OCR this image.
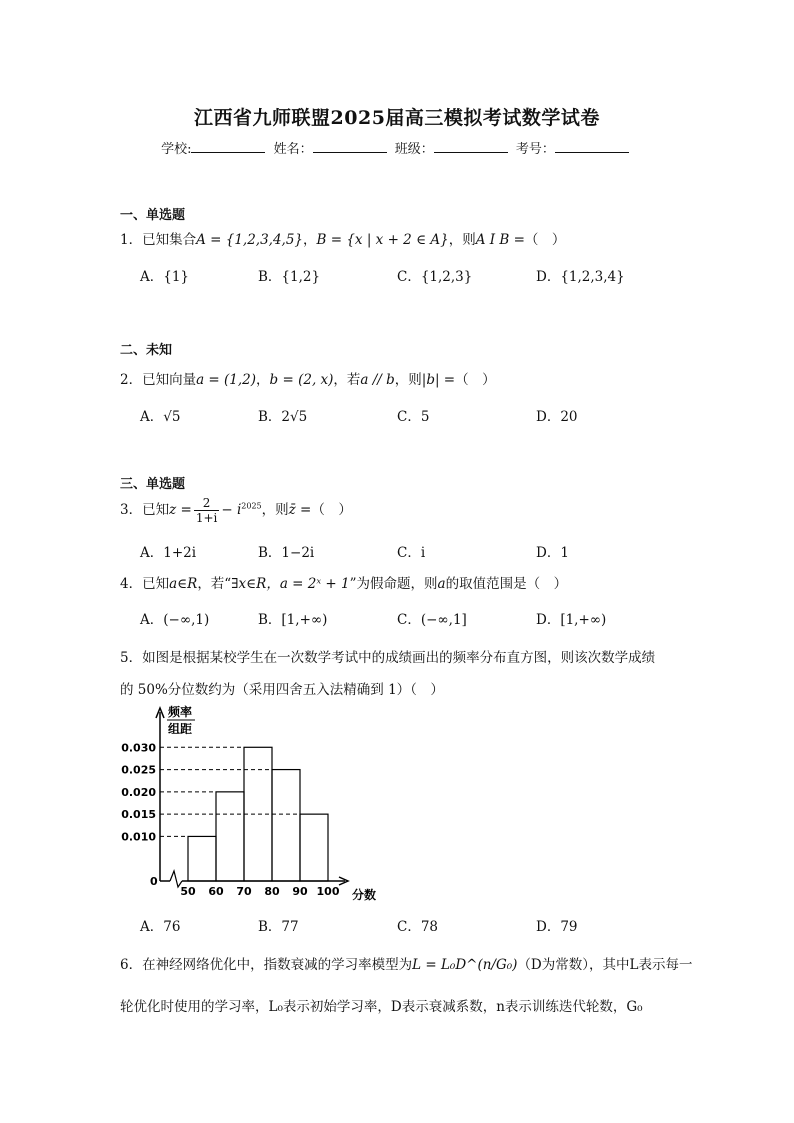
江西省九师联盟2025届高三模拟考试数学试卷
学校:	姓名：	班级：	考号：
一、单选题
1．已知集合A = {1,2,3,4,5}，B = {x | x + 2 ∈ A}，则A I B =（　）
A．{1}	B．{1,2}	C．{1,2,3}	D．{1,2,3,4}
二、未知
2．已知向量a = (1,2)，b = (2, x)，若a // b，则|b| =（　）
A．√5	B．2√5	C．5	D．20
三、单选题
3．已知$z = \frac{2}{1+i} - i^{2025}$，则z̄ =（　）
A．1+2i	B．1−2i	C．i	D．1
4．已知a∈R，若“∃x∈R，a = 2ˣ + 1”为假命题，则a的取值范围是（　）
A．(−∞,1)	B．[1,+∞)	C．(−∞,1]	D．[1,+∞)
5．如图是根据某校学生在一次数学考试中的成绩画出的频率分布直方图，则该次数学成绩
的 50%分位数约为（采用四舍五入法精确到 1）（　）
频率
组距
分数
0
0.010
0.015
0.020
0.025
0.030
50 60 70 80 90 100
A．76	B．77	C．78	D．79
6．在神经网络优化中，指数衰减的学习率模型为L = L₀D^(n/G₀)（D为常数），其中L表示每一
轮优化时使用的学习率，L₀表示初始学习率，D表示衰减系数，n表示训练迭代轮数，G₀
